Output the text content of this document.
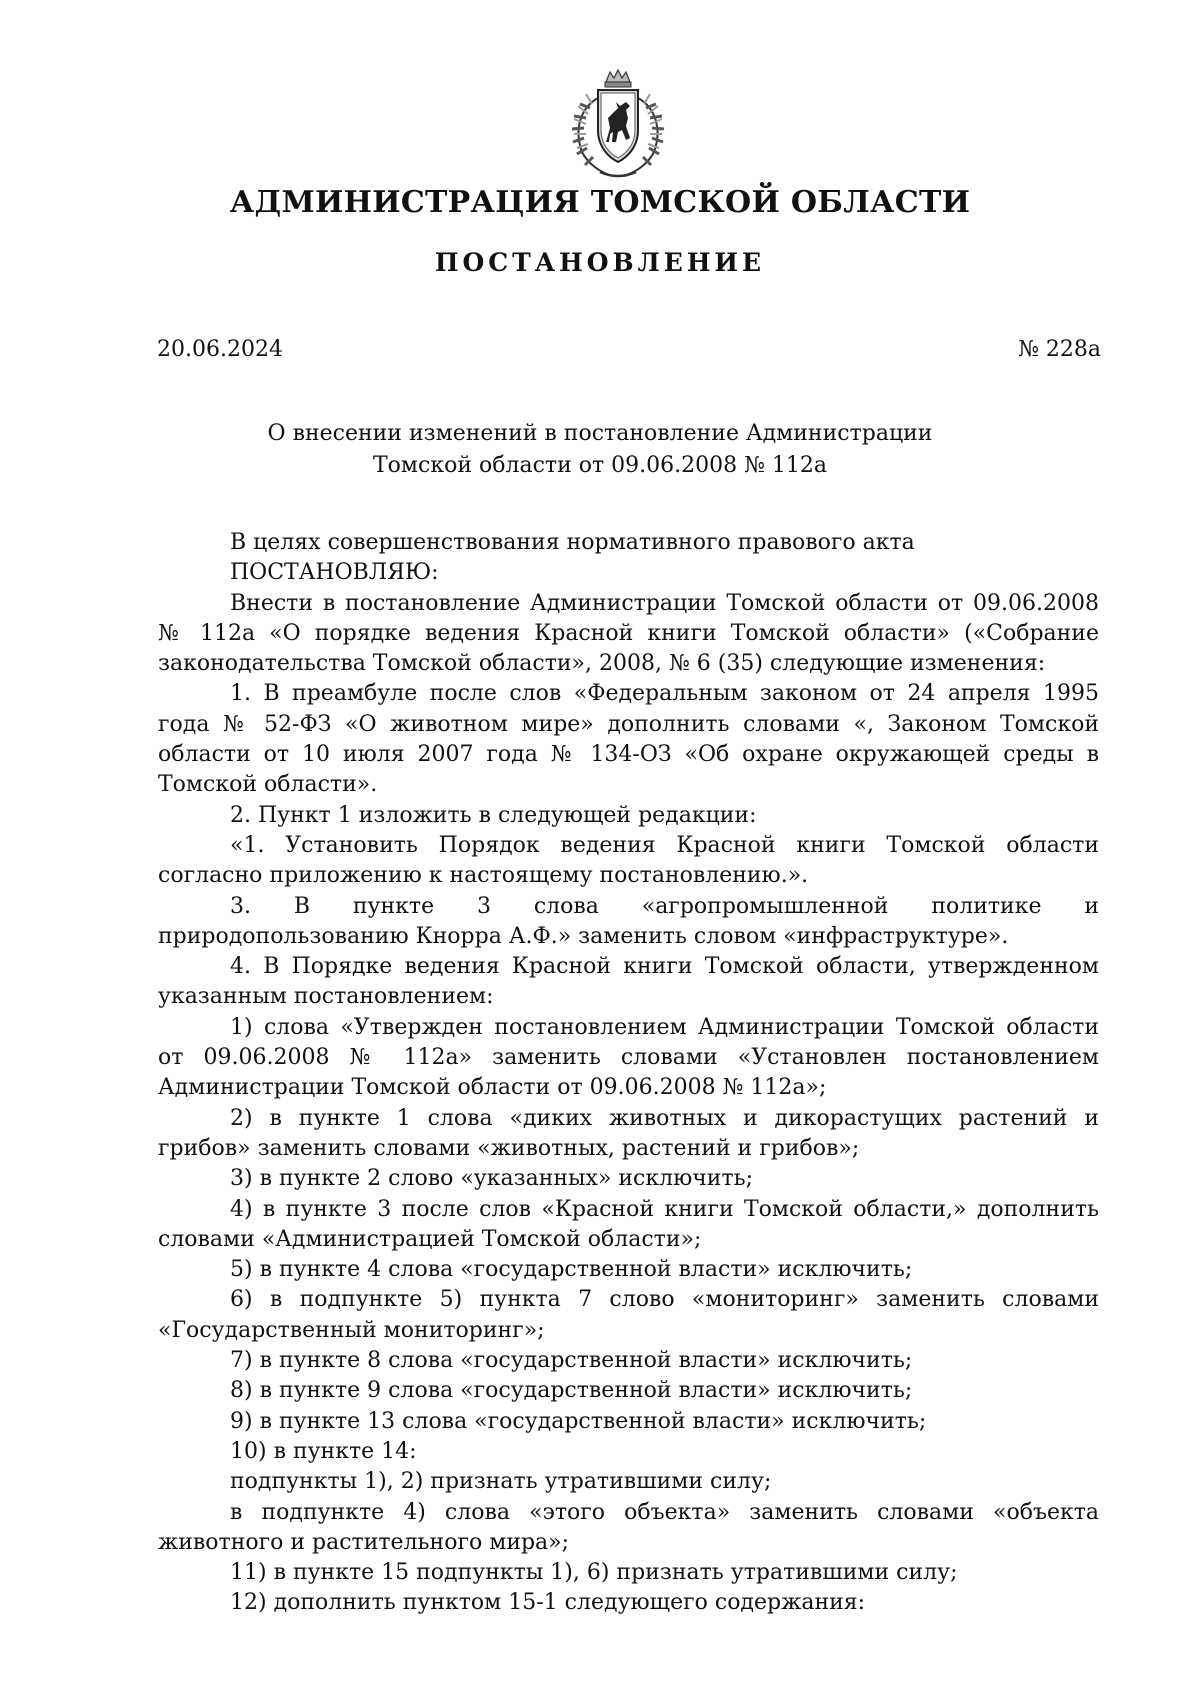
АДМИНИСТРАЦИЯ ТОМСКОЙ ОБЛАСТИ
ПОСТАНОВЛЕНИЕ
20.06.2024	№ 228а
О внесении изменений в постановление Администрации
Томской области от 09.06.2008 № 112а

В целях совершенствования нормативного правового акта

ПОСТАНОВЛЯЮ:

Внести в постановление Администрации Томской области от 09.06.2008 № 112а «О порядке ведения Красной книги Томской области» («Собрание законодательства Томской области», 2008, № 6 (35) следующие изменения:

1. В преамбуле после слов «Федеральным законом от 24 апреля 1995 года № 52-ФЗ «О животном мире» дополнить словами «, Законом Томской области от 10 июля 2007 года № 134-ОЗ «Об охране окружающей среды в Томской области».

2. Пункт 1 изложить в следующей редакции:

«1. Установить Порядок ведения Красной книги Томской области согласно приложению к настоящему постановлению.».

3. В пункте 3 слова «агропромышленной политике и природопользованию Кнорра А.Ф.» заменить словом «инфраструктуре».

4. В Порядке ведения Красной книги Томской области, утвержденном указанным постановлением:

1) слова «Утвержден постановлением Администрации Томской области от 09.06.2008 № 112а» заменить словами «Установлен постановлением Администрации Томской области от 09.06.2008 № 112а»;

2) в пункте 1 слова «диких животных и дикорастущих растений и грибов» заменить словами «животных, растений и грибов»;

3) в пункте 2 слово «указанных» исключить;

4) в пункте 3 после слов «Красной книги Томской области,» дополнить словами «Администрацией Томской области»;

5) в пункте 4 слова «государственной власти» исключить;

6) в подпункте 5) пункта 7 слово «мониторинг» заменить словами «Государственный мониторинг»;

7) в пункте 8 слова «государственной власти» исключить;

8) в пункте 9 слова «государственной власти» исключить;

9) в пункте 13 слова «государственной власти» исключить;

10) в пункте 14:

подпункты 1), 2) признать утратившими силу;

в подпункте 4) слова «этого объекта» заменить словами «объекта животного и растительного мира»;

11) в пункте 15 подпункты 1), 6) признать утратившими силу;

12) дополнить пунктом 15-1 следующего содержания:
